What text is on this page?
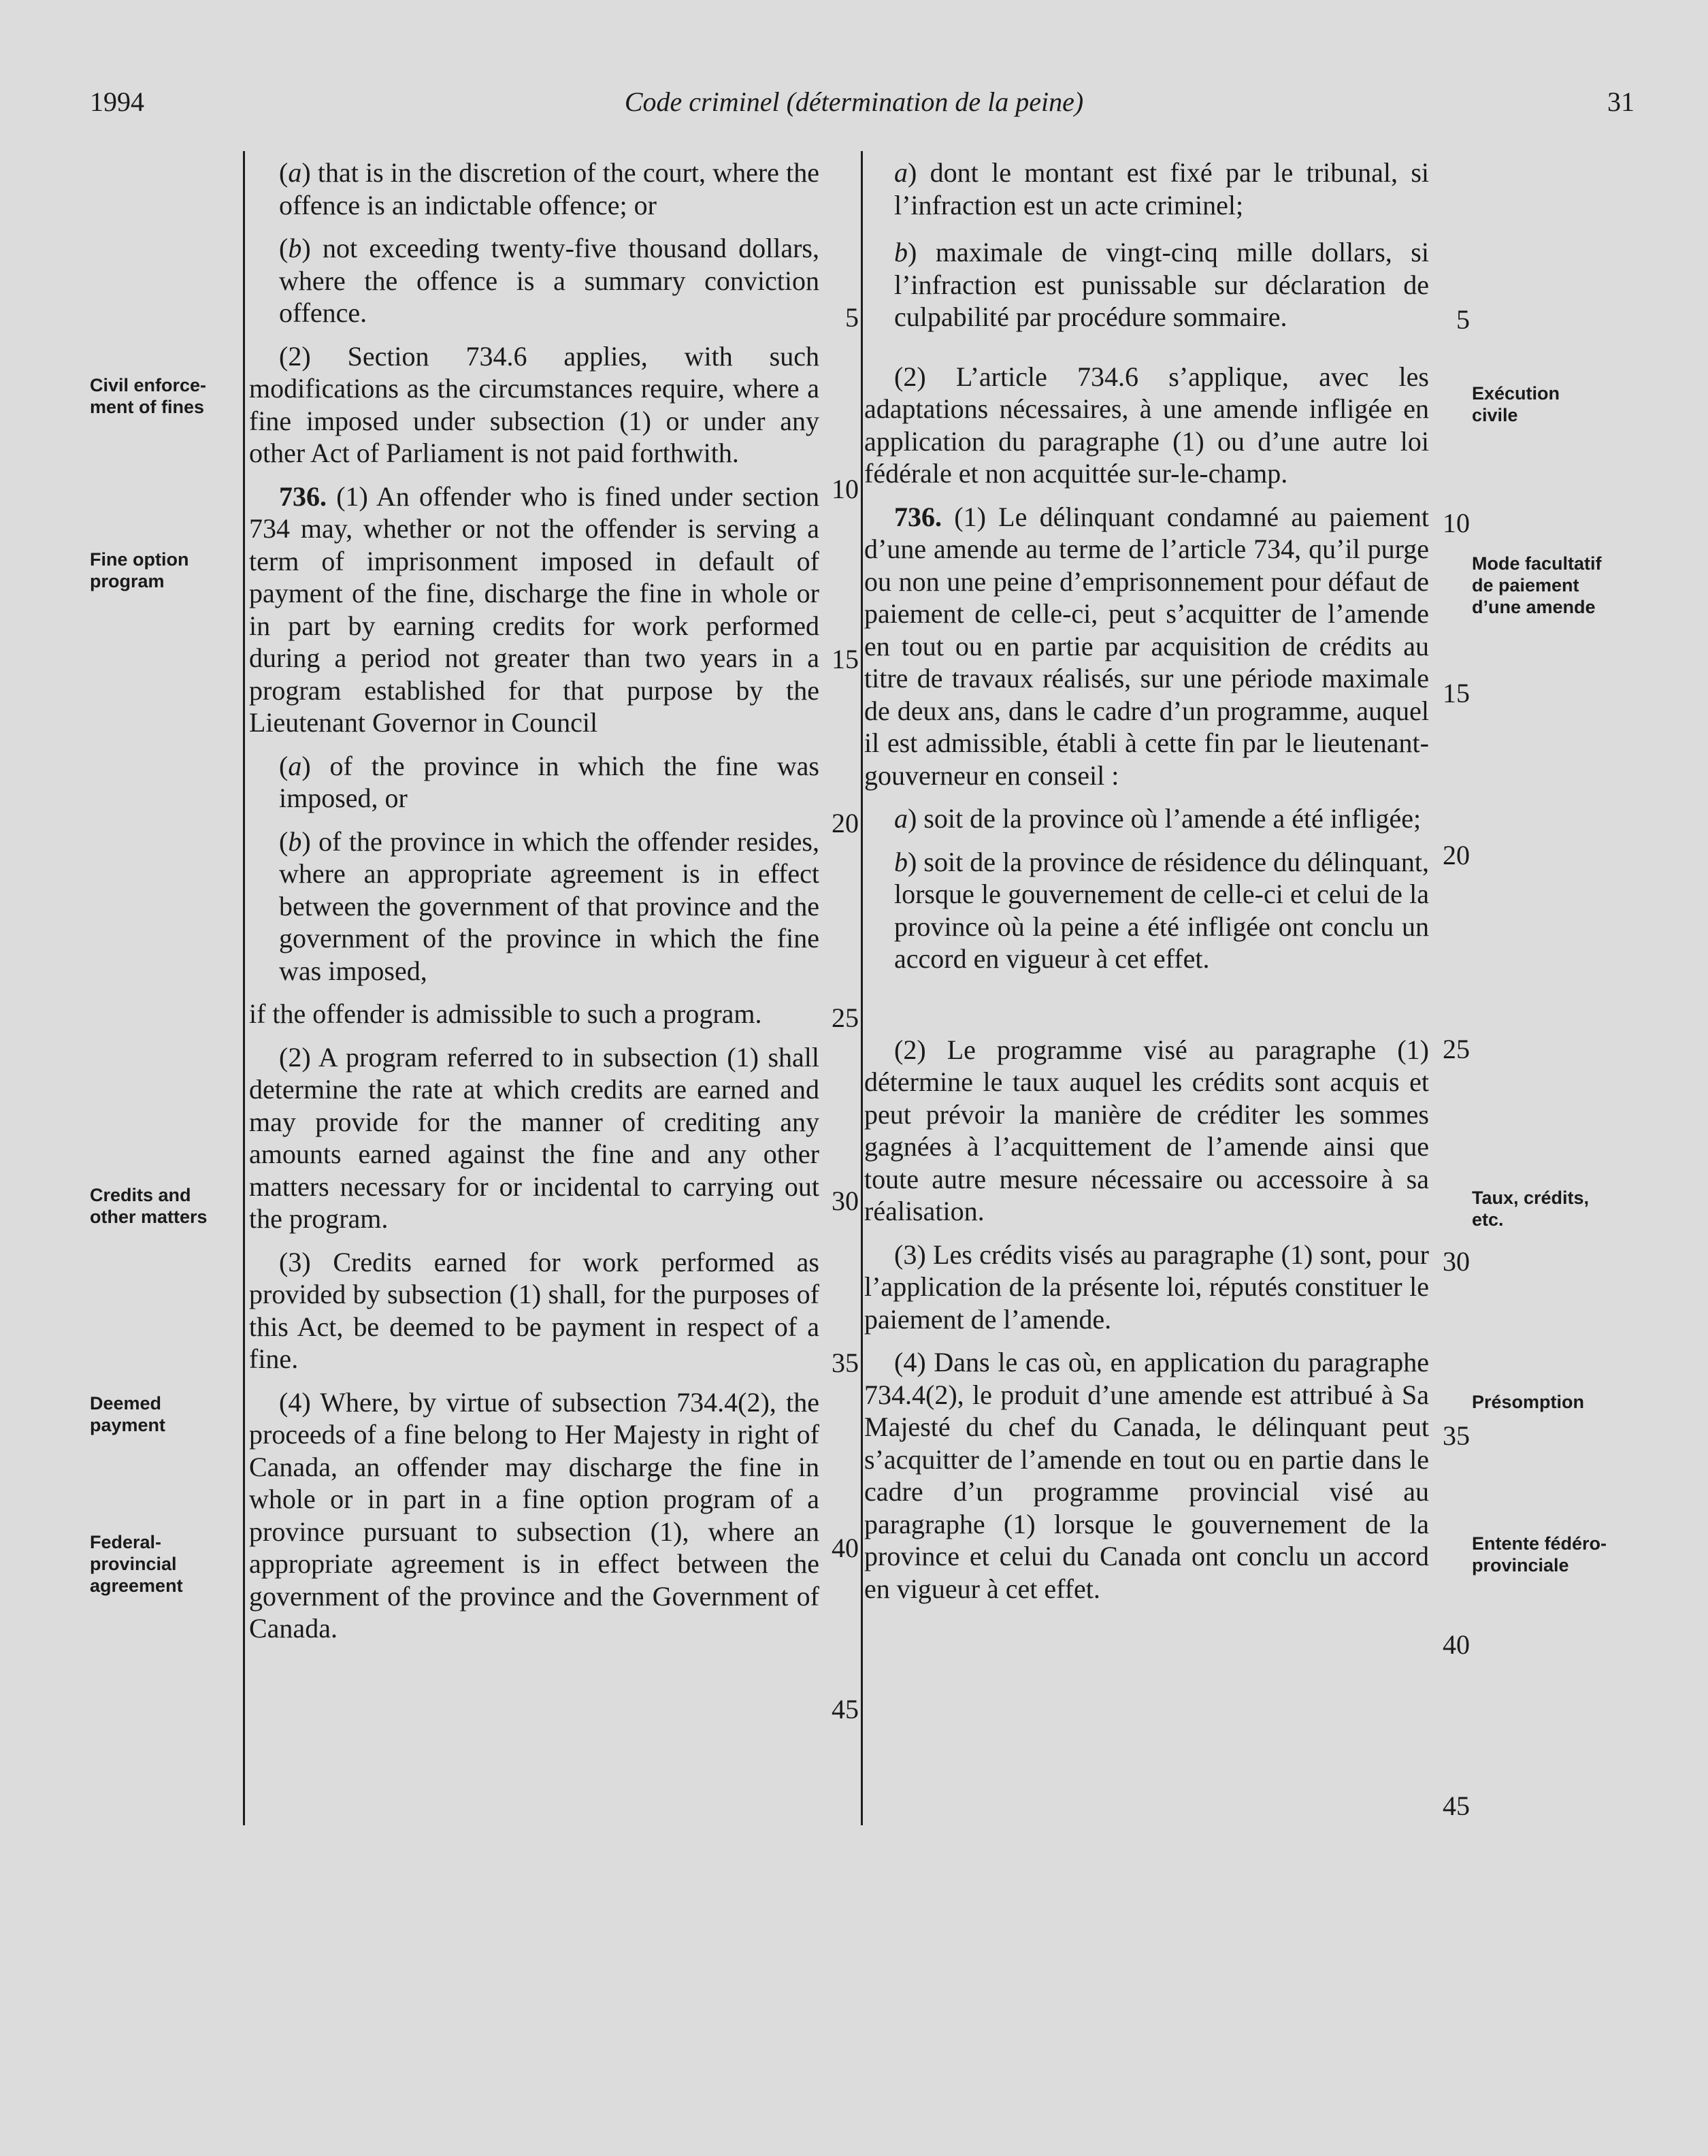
1994	Code criminel (détermination de la peine)	31
Civil enforce-
ment of fines
Fine option
program
Credits and
other matters
Deemed
payment
Federal-
provincial
agreement
Exécution
civile
Mode facultatif
de paiement
d’une amende
Taux, crédits,
etc.
Présomption
Entente fédéro-
provinciale

(a) that is in the discretion of the court, where the offence is an indictable offence; or

(b) not exceeding twenty-five thousand dollars, where the offence is a summary conviction offence.

(2) Section 734.6 applies, with such modifications as the circumstances require, where a fine imposed under subsection (1) or under any other Act of Parliament is not paid forthwith.

736. (1) An offender who is fined under section 734 may, whether or not the offender is serving a term of imprisonment imposed in default of payment of the fine, discharge the fine in whole or in part by earning credits for work performed during a period not greater than two years in a program established for that purpose by the Lieutenant Governor in Council

(a) of the province in which the fine was imposed, or

(b) of the province in which the offender resides, where an appropriate agreement is in effect between the government of that province and the government of the province in which the fine was imposed,

if the offender is admissible to such a program.

(2) A program referred to in subsection (1) shall determine the rate at which credits are earned and may provide for the manner of crediting any amounts earned against the fine and any other matters necessary for or incidental to carrying out the program.

(3) Credits earned for work performed as provided by subsection (1) shall, for the purposes of this Act, be deemed to be payment in respect of a fine.

(4) Where, by virtue of subsection 734.4(2), the proceeds of a fine belong to Her Majesty in right of Canada, an offender may discharge the fine in whole or in part in a fine option program of a province pursuant to subsection (1), where an appropriate agreement is in effect between the government of the province and the Government of Canada.

a) dont le montant est fixé par le tribunal, si l’infraction est un acte criminel;

b) maximale de vingt-cinq mille dollars, si l’infraction est punissable sur déclaration de culpabilité par procédure sommaire.

(2) L’article 734.6 s’applique, avec les adaptations nécessaires, à une amende infligée en application du paragraphe (1) ou d’une autre loi fédérale et non acquittée sur-le-champ.

736. (1) Le délinquant condamné au paiement d’une amende au terme de l’article 734, qu’il purge ou non une peine d’emprisonnement pour défaut de paiement de celle-ci, peut s’acquitter de l’amende en tout ou en partie par acquisition de crédits au titre de travaux réalisés, sur une période maximale de deux ans, dans le cadre d’un programme, auquel il est admissible, établi à cette fin par le lieutenant-gouverneur en conseil :

a) soit de la province où l’amende a été infligée;

b) soit de la province de résidence du délinquant, lorsque le gouvernement de celle-ci et celui de la province où la peine a été infligée ont conclu un accord en vigueur à cet effet.

(2) Le programme visé au paragraphe (1) détermine le taux auquel les crédits sont acquis et peut prévoir la manière de créditer les sommes gagnées à l’acquittement de l’amende ainsi que toute autre mesure nécessaire ou accessoire à sa réalisation.

(3) Les crédits visés au paragraphe (1) sont, pour l’application de la présente loi, réputés constituer le paiement de l’amende.

(4) Dans le cas où, en application du paragraphe 734.4(2), le produit d’une amende est attribué à Sa Majesté du chef du Canada, le délinquant peut s’acquitter de l’amende en tout ou en partie dans le cadre d’un programme provincial visé au paragraphe (1) lorsque le gouvernement de la province et celui du Canada ont conclu un accord en vigueur à cet effet.

5
10
15
20
25
30
35
40
45
5
10
15
20
25
30
35
40
45
